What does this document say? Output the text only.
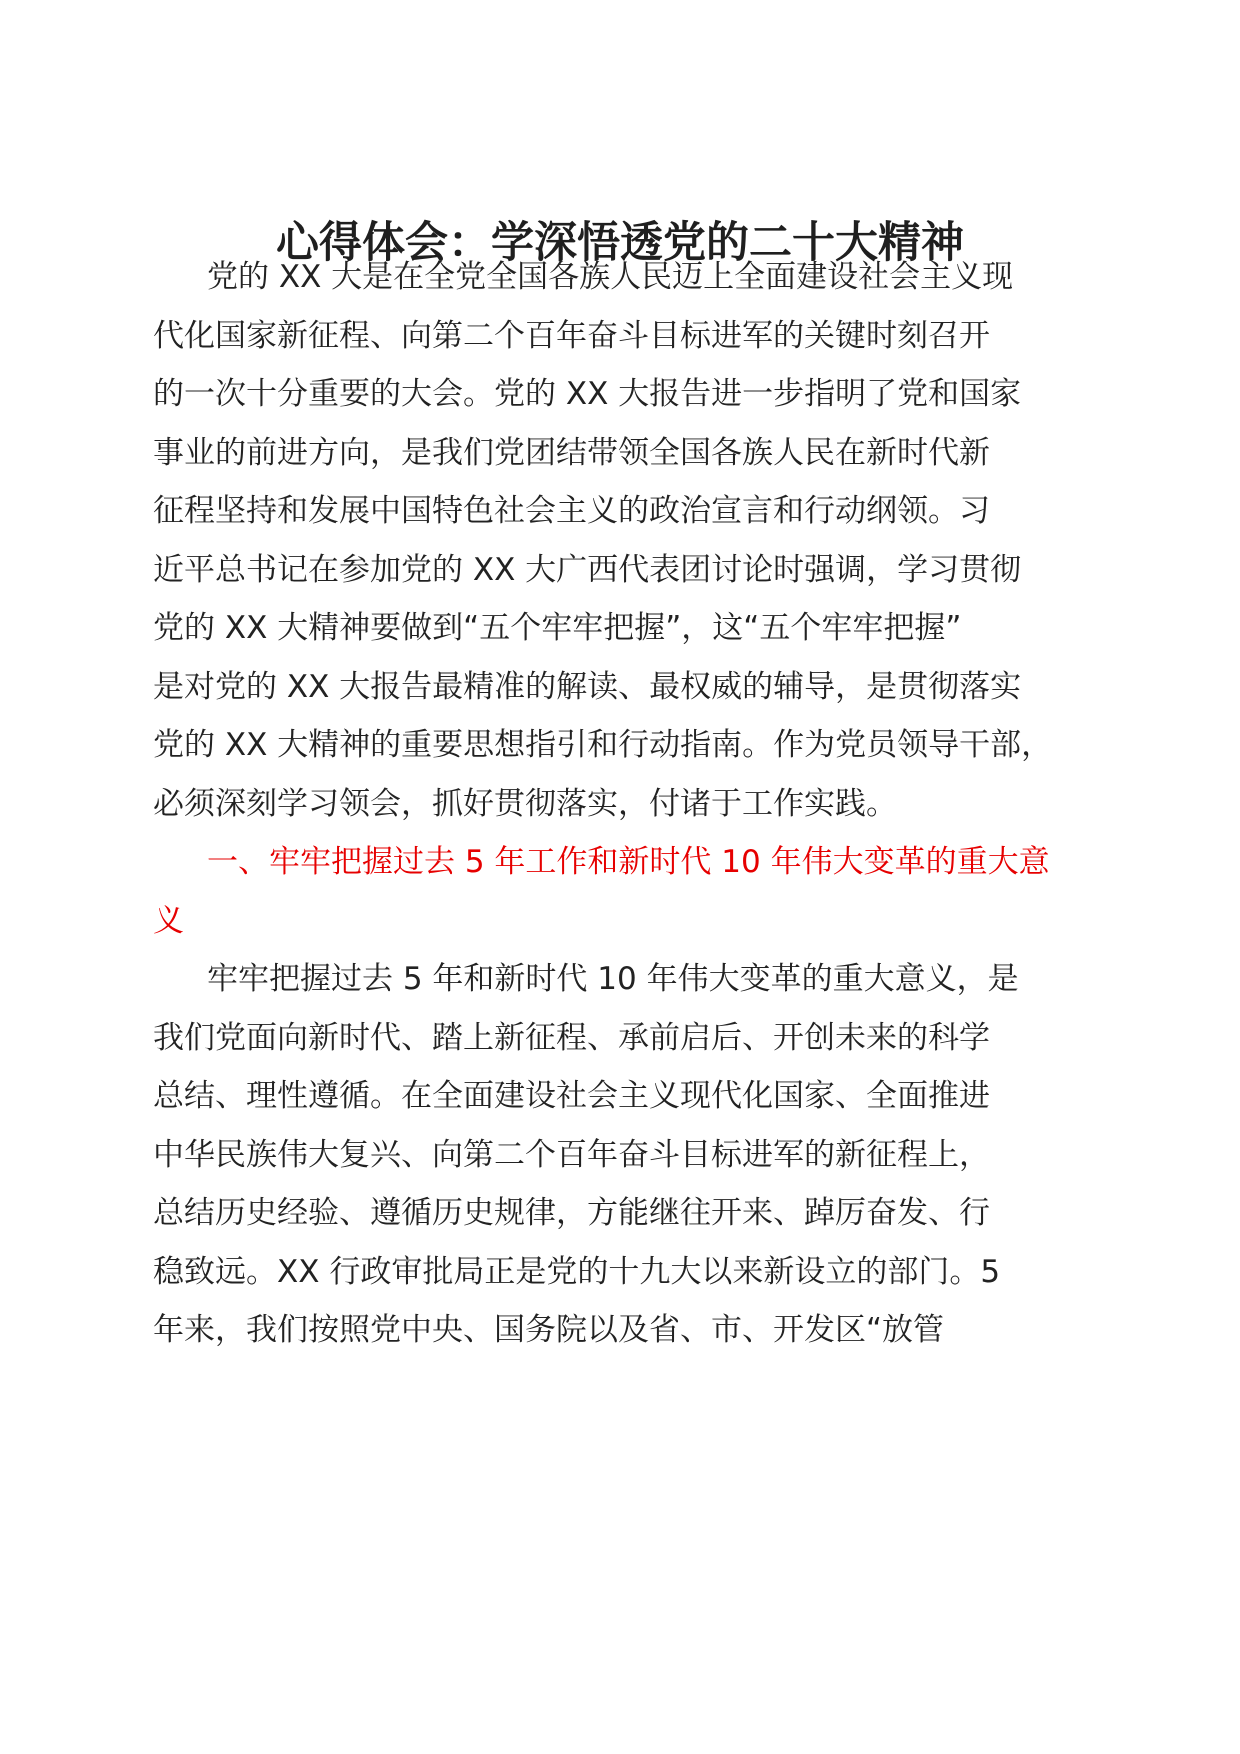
心得体会：学深悟透党的二十大精神
党的 XX 大是在全党全国各族人民迈上全面建设社会主义现
代化国家新征程、向第二个百年奋斗目标进军的关键时刻召开
的一次十分重要的大会。党的 XX 大报告进一步指明了党和国家
事业的前进方向，是我们党团结带领全国各族人民在新时代新
征程坚持和发展中国特色社会主义的政治宣言和行动纲领。习
近平总书记在参加党的 XX 大广西代表团讨论时强调，学习贯彻
党的 XX 大精神要做到“五个牢牢把握”，这“五个牢牢把握”
是对党的 XX 大报告最精准的解读、最权威的辅导，是贯彻落实
党的 XX 大精神的重要思想指引和行动指南。作为党员领导干部，
必须深刻学习领会，抓好贯彻落实，付诸于工作实践。
一、牢牢把握过去 5 年工作和新时代 10 年伟大变革的重大意
义
牢牢把握过去 5 年和新时代 10 年伟大变革的重大意义，是
我们党面向新时代、踏上新征程、承前启后、开创未来的科学
总结、理性遵循。在全面建设社会主义现代化国家、全面推进
中华民族伟大复兴、向第二个百年奋斗目标进军的新征程上，
总结历史经验、遵循历史规律，方能继往开来、踔厉奋发、行
稳致远。XX 行政审批局正是党的十九大以来新设立的部门。5
年来，我们按照党中央、国务院以及省、市、开发区“放管
